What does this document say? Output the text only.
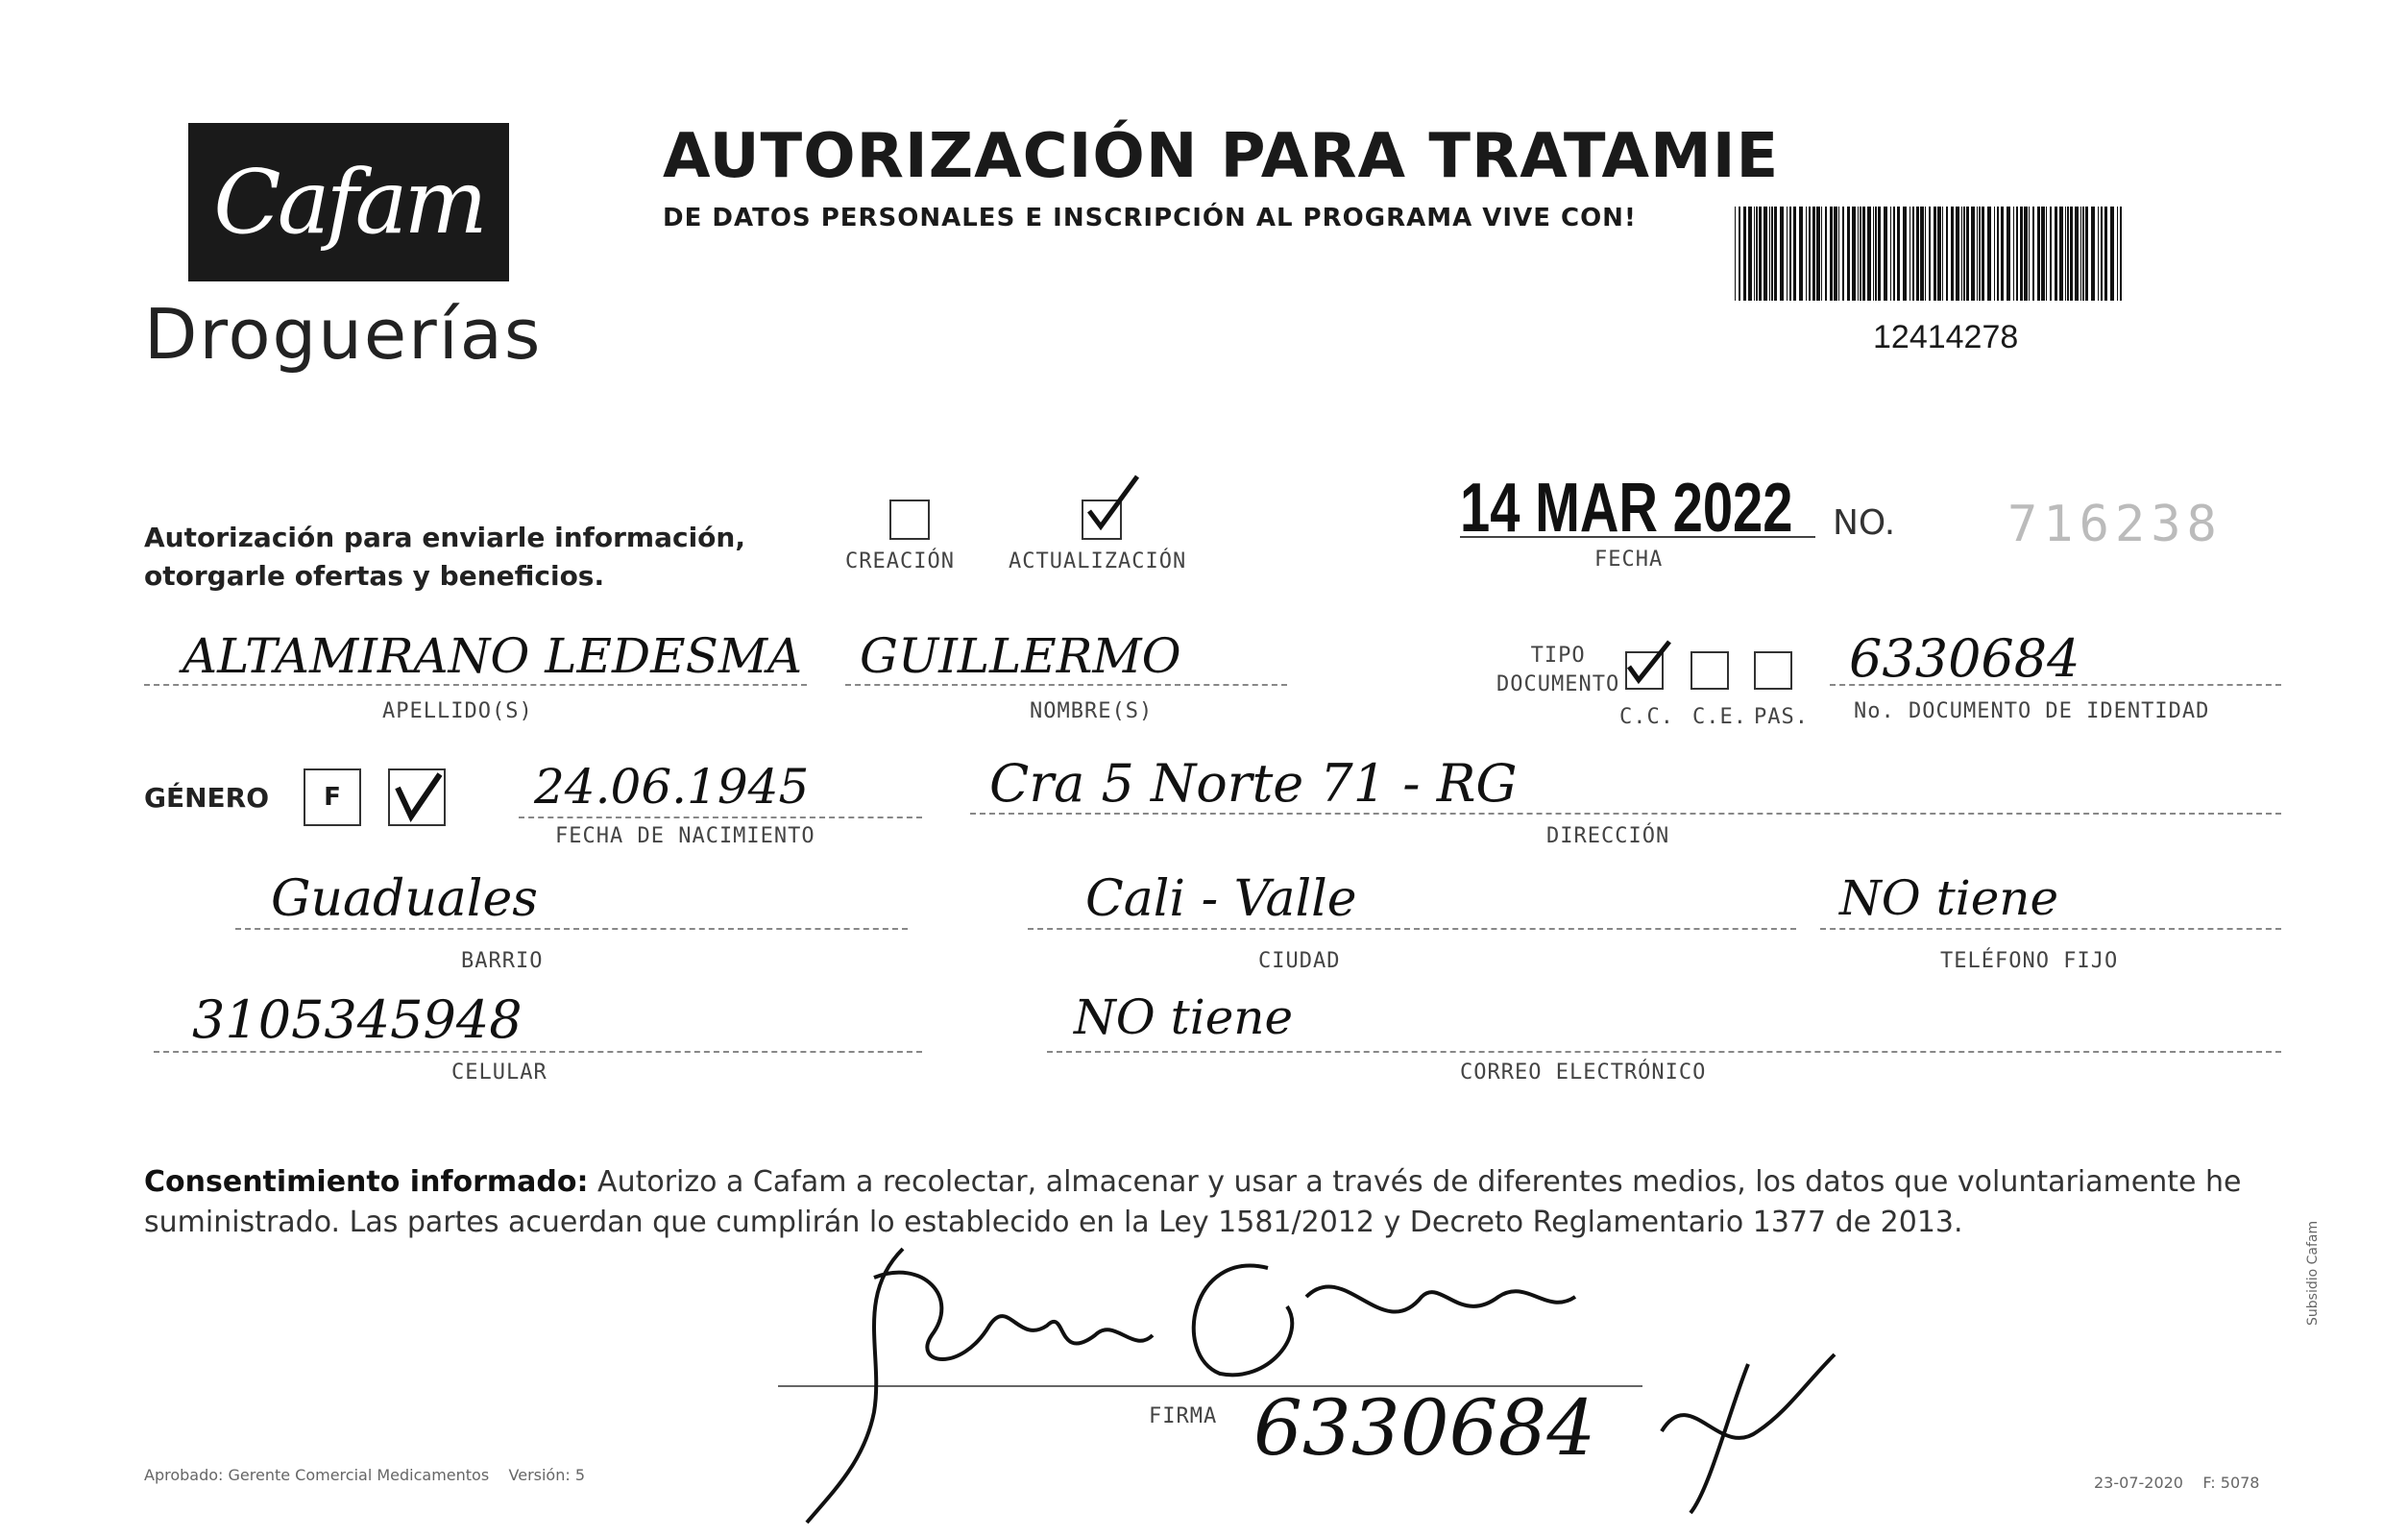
Cafam
Droguerías
AUTORIZACIÓN PARA TRATAMIE
DE DATOS PERSONALES E INSCRIPCIÓN AL PROGRAMA VIVE CON!
12414278
Autorización para enviarle información,
otorgarle ofertas y beneficios.	CREACIÓN	ACTUALIZACIÓN
14 MAR 2022
FECHA
NO. 716238
ALTAMIRANO LEDESMA
APELLIDO(S)
GUILLERMO
NOMBRE(S)
TIPO
DOCUMENTO
C.C. C.E. PAS.
6330684
No. DOCUMENTO DE IDENTIDAD
GÉNERO F	24.06.1945
FECHA DE NACIMIENTO
Cra 5 Norte 71 - RG
DIRECCIÓN
Guaduales
BARRIO
Cali - Valle
CIUDAD
NO tiene
TELÉFONO FIJO
3105345948
CELULAR
NO tiene
CORREO ELECTRÓNICO
Consentimiento informado: Autorizo a Cafam a recolectar, almacenar y usar a través de diferentes medios, los datos que voluntariamente he suministrado. Las partes acuerdan que cumplirán lo establecido en la Ley 1581/2012 y Decreto Reglamentario 1377 de 2013.
FIRMA 6330684
Aprobado: Gerente Comercial Medicamentos Versión: 5	23-07-2020 F: 5078
Subsidio Cafam
